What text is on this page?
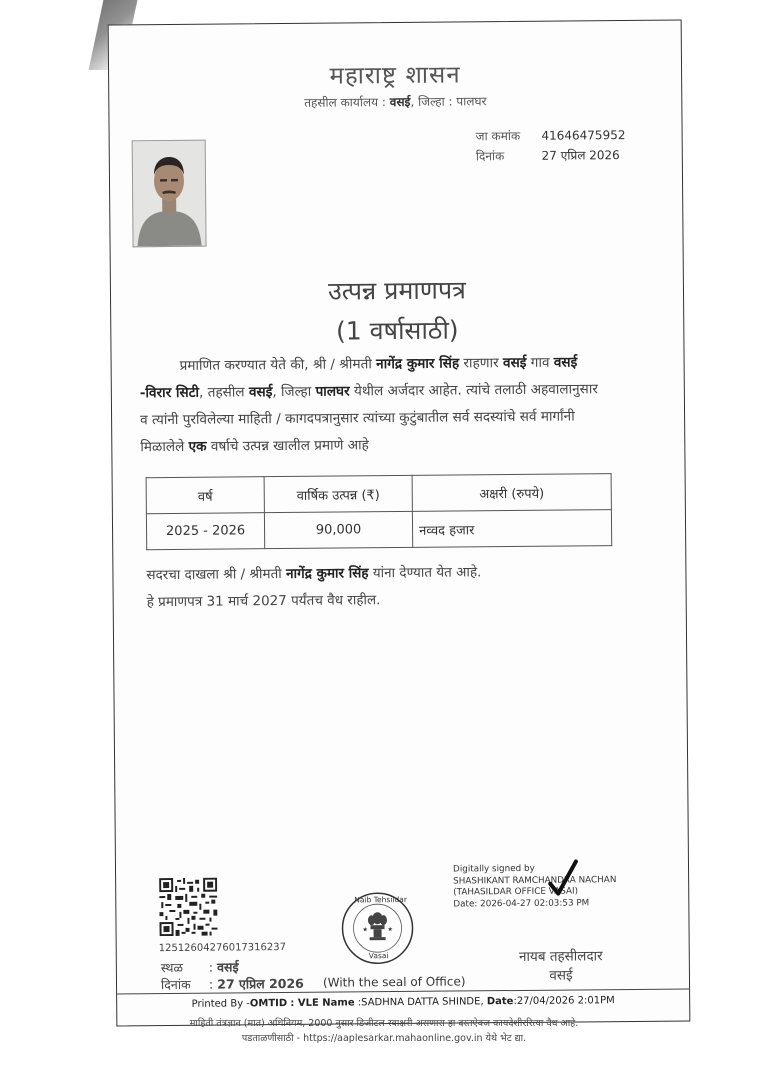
महाराष्ट्र शासन
तहसील कार्यालय : वसई, जिल्हा : पालघर
जा कमांक 41646475952
दिनांक	27 एप्रिल 2026
उत्पन्न प्रमाणपत्र
(1 वर्षासाठी)
प्रमाणित करण्यात येते की, श्री / श्रीमती नागेंद्र कुमार सिंह राहणार वसई गाव वसई -विरार सिटी, तहसील वसई, जिल्हा पालघर येथील अर्जदार आहेत. त्यांचे तलाठी अहवालानुसार व त्यांनी पुरविलेल्या माहिती / कागदपत्रानुसार त्यांच्या कुटुंबातील सर्व सदस्यांचे सर्व मार्गांनी मिळालेले एक वर्षाचे उत्पन्न खालील प्रमाणे आहे
वर्ष	वार्षिक उत्पन्न (₹)	अक्षरी (रुपये)
2025 - 2026	90,000	नव्वद हजार
सदरचा दाखला श्री / श्रीमती नागेंद्र कुमार सिंह यांना देण्यात येत आहे.
हे प्रमाणपत्र 31 मार्च 2027 पर्यंतच वैध राहील.
12512604276017316237
स्थळ : वसई
दिनांक : 27 एप्रिल 2026
★	★
Naib Tehsildar
Vasai
(With the seal of Office)
Digitally signed by
SHASHIKANT RAMCHANDRA NACHAN
(TAHASILDAR OFFICE VASAI)
Date: 2026-04-27 02:03:53 PM
नायब तहसीलदार
वसई
Printed By -OMTID : VLE Name :SADHNA DATTA SHINDE, Date:27/04/2026 2:01PM
माहिती तंत्रज्ञान (मात) अधिनियम, 2000 नुसार डिजीटल स्वाक्षरी असणारा हा दस्तऐवज कायदेशीररित्या वैध आहे.
पडताळणीसाठी - https://aaplesarkar.mahaonline.gov.in येथे भेट द्या.
